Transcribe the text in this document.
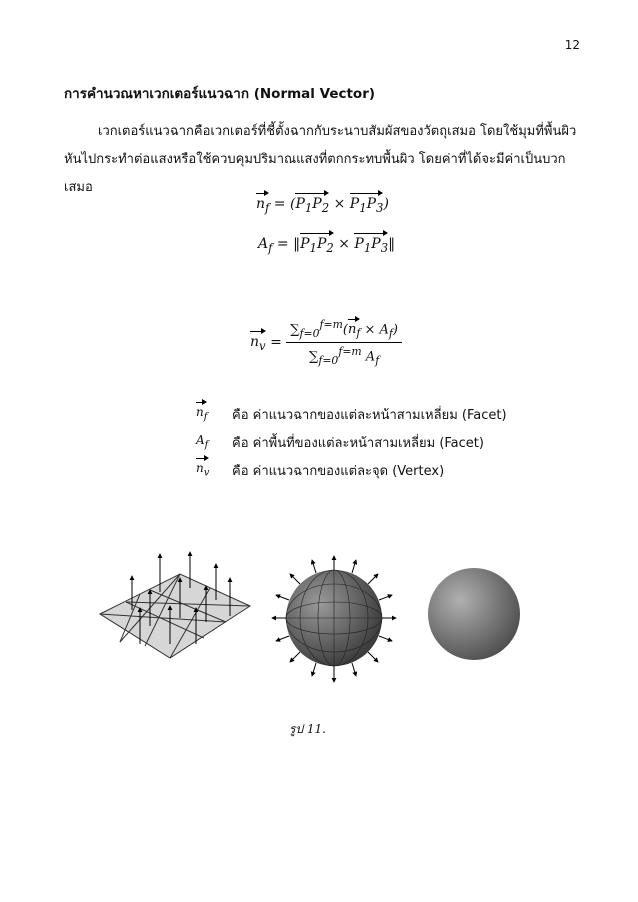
12
การคำนวณหาเวกเตอร์แนวฉาก (Normal Vector)
เวกเตอร์แนวฉากคือเวกเตอร์ที่ชี้ตั้งฉากกับระนาบสัมผัสของวัตถุเสมอ โดยใช้มุมที่พื้นผิวหันไปกระทำต่อแสงหรือใช้ควบคุมปริมาณแสงที่ตกกระทบพื้นผิว โดยค่าที่ได้จะมีค่าเป็นบวกเสมอ
$n_f = (P_1P_2 \times P_1P_3)$
$A_f$ = $‖P_1P_2$ × $P_1P_3‖$
$n_v = \frac{\sum_{f=0}^{f=m}(n_f \times A_f)}{\sum_{f=0}^{f=m} A_f}$
$n_f$	คือ ค่าแนวฉากของแต่ละหน้าสามเหลี่ยม (Facet)
$A_f$	คือ ค่าพื้นที่ของแต่ละหน้าสามเหลี่ยม (Facet)
$n_v$	คือ ค่าแนวฉากของแต่ละจุด (Vertex)
รูป 11.
